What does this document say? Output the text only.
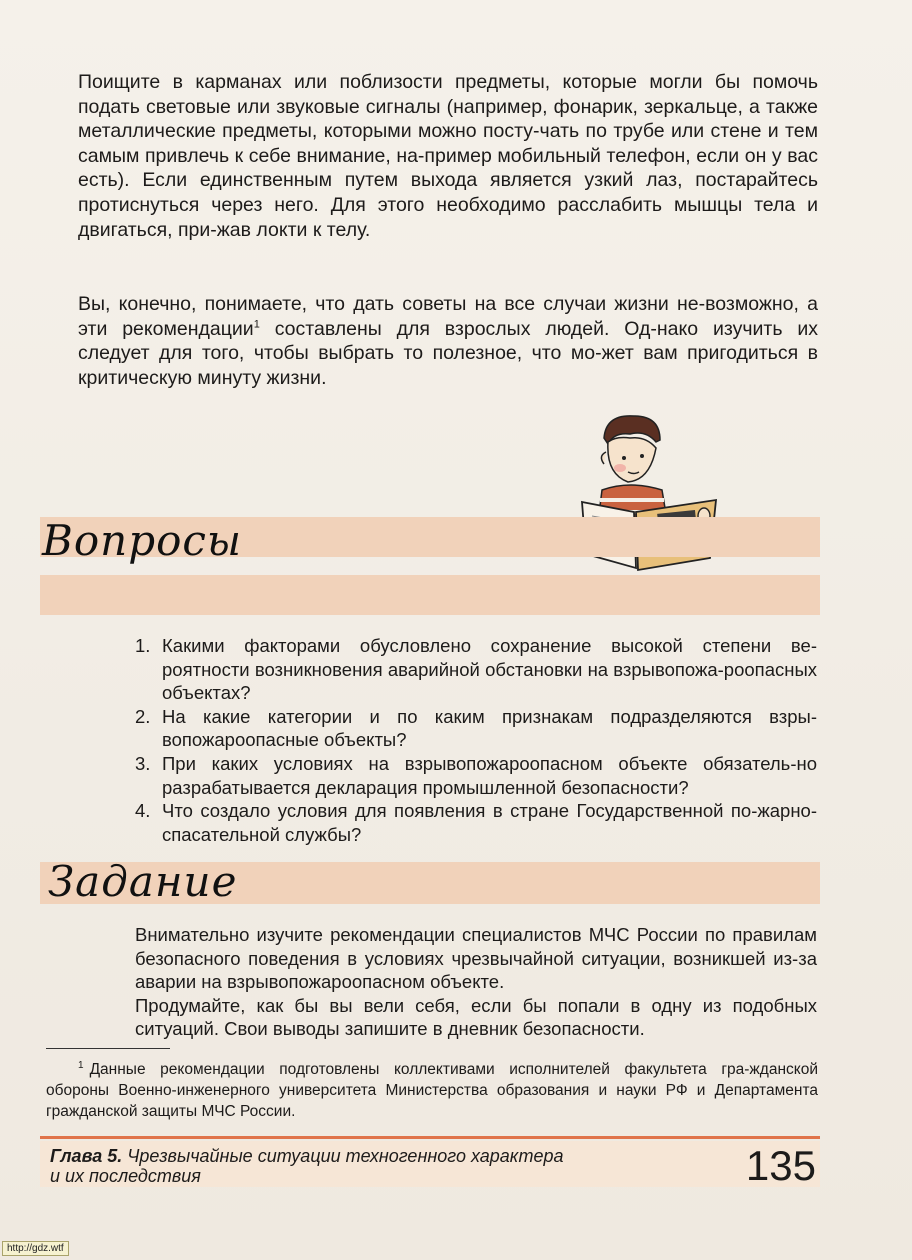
Поищите в карманах или поблизости предметы, которые могли бы помочь подать световые или звуковые сигналы (например, фонарик, зеркальце, а также металлические предметы, которыми можно посту-чать по трубе или стене и тем самым привлечь к себе внимание, на-пример мобильный телефон, если он у вас есть). Если единственным путем выхода является узкий лаз, постарайтесь протиснуться через него. Для этого необходимо расслабить мышцы тела и двигаться, при-жав локти к телу.
Вы, конечно, понимаете, что дать советы на все случаи жизни не-возможно, а эти рекомендации$^1$ составлены для взрослых людей. Од-нако изучить их следует для того, чтобы выбрать то полезное, что мо-жет вам пригодиться в критическую минуту жизни.
Вопросы
1. Какими факторами обусловлено сохранение высокой степени ве-роятности возникновения аварийной обстановки на взрывопожа-роопасных объектах?
2. На какие категории и по каким признакам подразделяются взры-вопожароопасные объекты?
3. При каких условиях на взрывопожароопасном объекте обязатель-но разрабатывается декларация промышленной безопасности?
4. Что создало условия для появления в стране Государственной по-жарно-спасательной службы?
Задание

Внимательно изучите рекомендации специалистов МЧС России по правилам безопасного поведения в условиях чрезвычайной ситуации, возникшей из-за аварии на взрывопожароопасном объекте.

Продумайте, как бы вы вели себя, если бы попали в одну из подобных ситуаций. Свои выводы запишите в дневник безопасности.

$^1$ Данные рекомендации подготовлены коллективами исполнителей факультета гра-жданской обороны Военно-инженерного университета Министерства образования и науки РФ и Департамента гражданской защиты МЧС России.
Глава 5. Чрезвычайные ситуации техногенного характера
и их последствия	135
http://gdz.wtf
